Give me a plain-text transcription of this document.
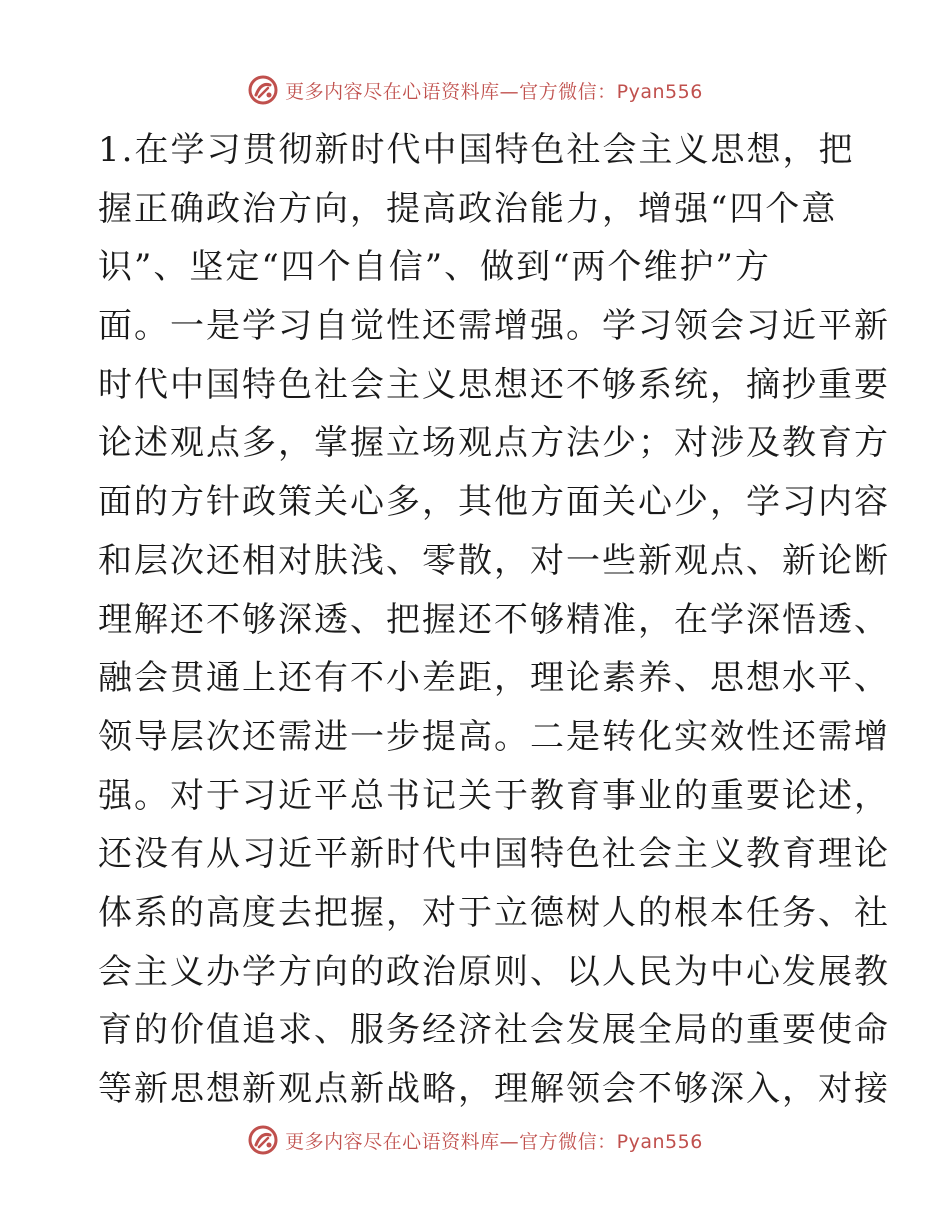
更多内容尽在心语资料库—官方微信：Pyan556
1.在学习贯彻新时代中国特色社会主义思想，把
握正确政治方向，提高政治能力，增强“四个意
识”、坚定“四个自信”、做到“两个维护”方
面。一是学习自觉性还需增强。学习领会习近平新
时代中国特色社会主义思想还不够系统，摘抄重要
论述观点多，掌握立场观点方法少；对涉及教育方
面的方针政策关心多，其他方面关心少，学习内容
和层次还相对肤浅、零散，对一些新观点、新论断
理解还不够深透、把握还不够精准，在学深悟透、
融会贯通上还有不小差距，理论素养、思想水平、
领导层次还需进一步提高。二是转化实效性还需增
强。对于习近平总书记关于教育事业的重要论述，
还没有从习近平新时代中国特色社会主义教育理论
体系的高度去把握，对于立德树人的根本任务、社
会主义办学方向的政治原则、以人民为中心发展教
育的价值追求、服务经济社会发展全局的重要使命
等新思想新观点新战略，理解领会不够深入，对接
更多内容尽在心语资料库—官方微信：Pyan556
